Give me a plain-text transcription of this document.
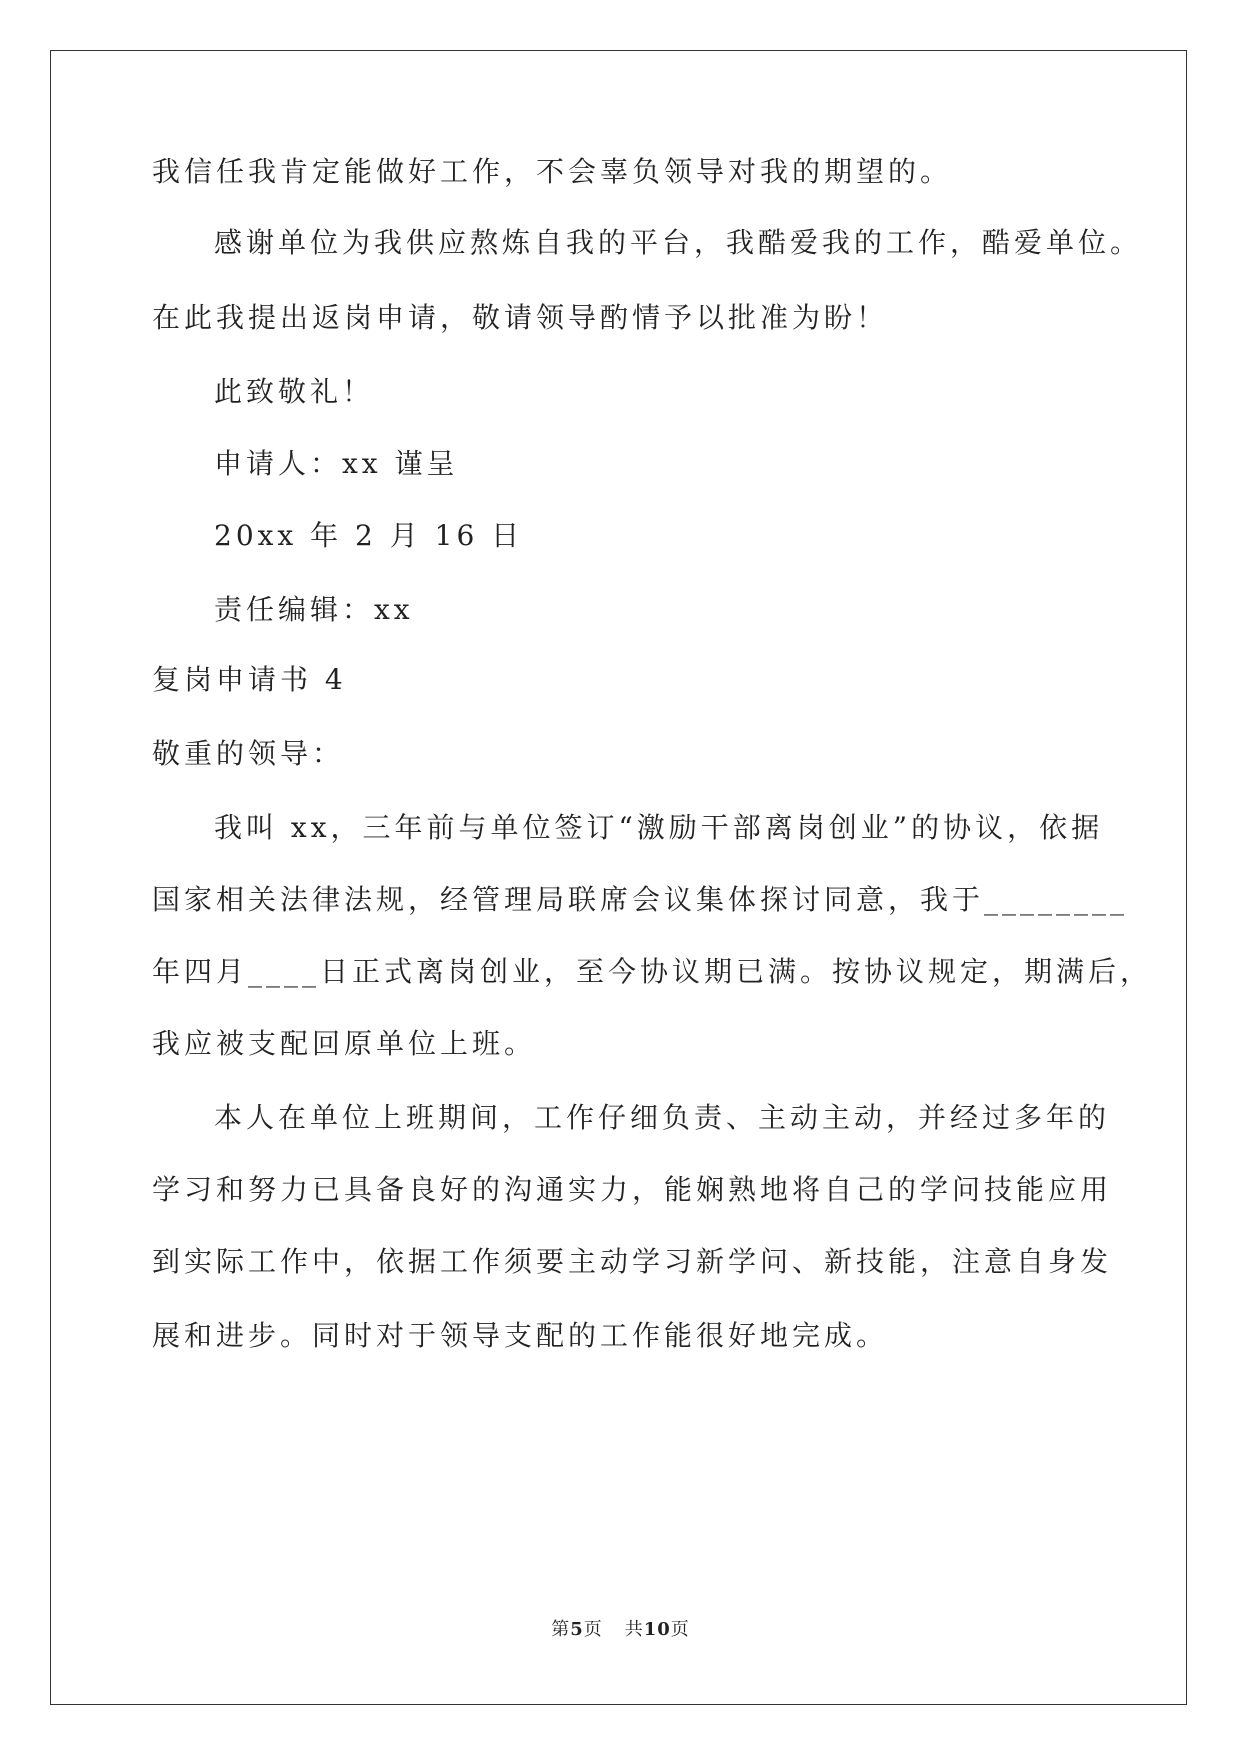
我信任我肯定能做好工作，不会辜负领导对我的期望的。
感谢单位为我供应熬炼自我的平台，我酷爱我的工作，酷爱单位。
在此我提出返岗申请，敬请领导酌情予以批准为盼！
此致敬礼！
申请人：xx 谨呈
20xx 年 2 月 16 日
责任编辑：xx
复岗申请书 4
敬重的领导：
我叫 xx，三年前与单位签订“激励干部离岗创业”的协议，依据
国家相关法律法规，经管理局联席会议集体探讨同意，我于________
年四月____日正式离岗创业，至今协议期已满。按协议规定，期满后，
我应被支配回原单位上班。
本人在单位上班期间，工作仔细负责、主动主动，并经过多年的
学习和努力已具备良好的沟通实力，能娴熟地将自己的学问技能应用
到实际工作中，依据工作须要主动学习新学问、新技能，注意自身发
展和进步。同时对于领导支配的工作能很好地完成。
第5页 共10页
